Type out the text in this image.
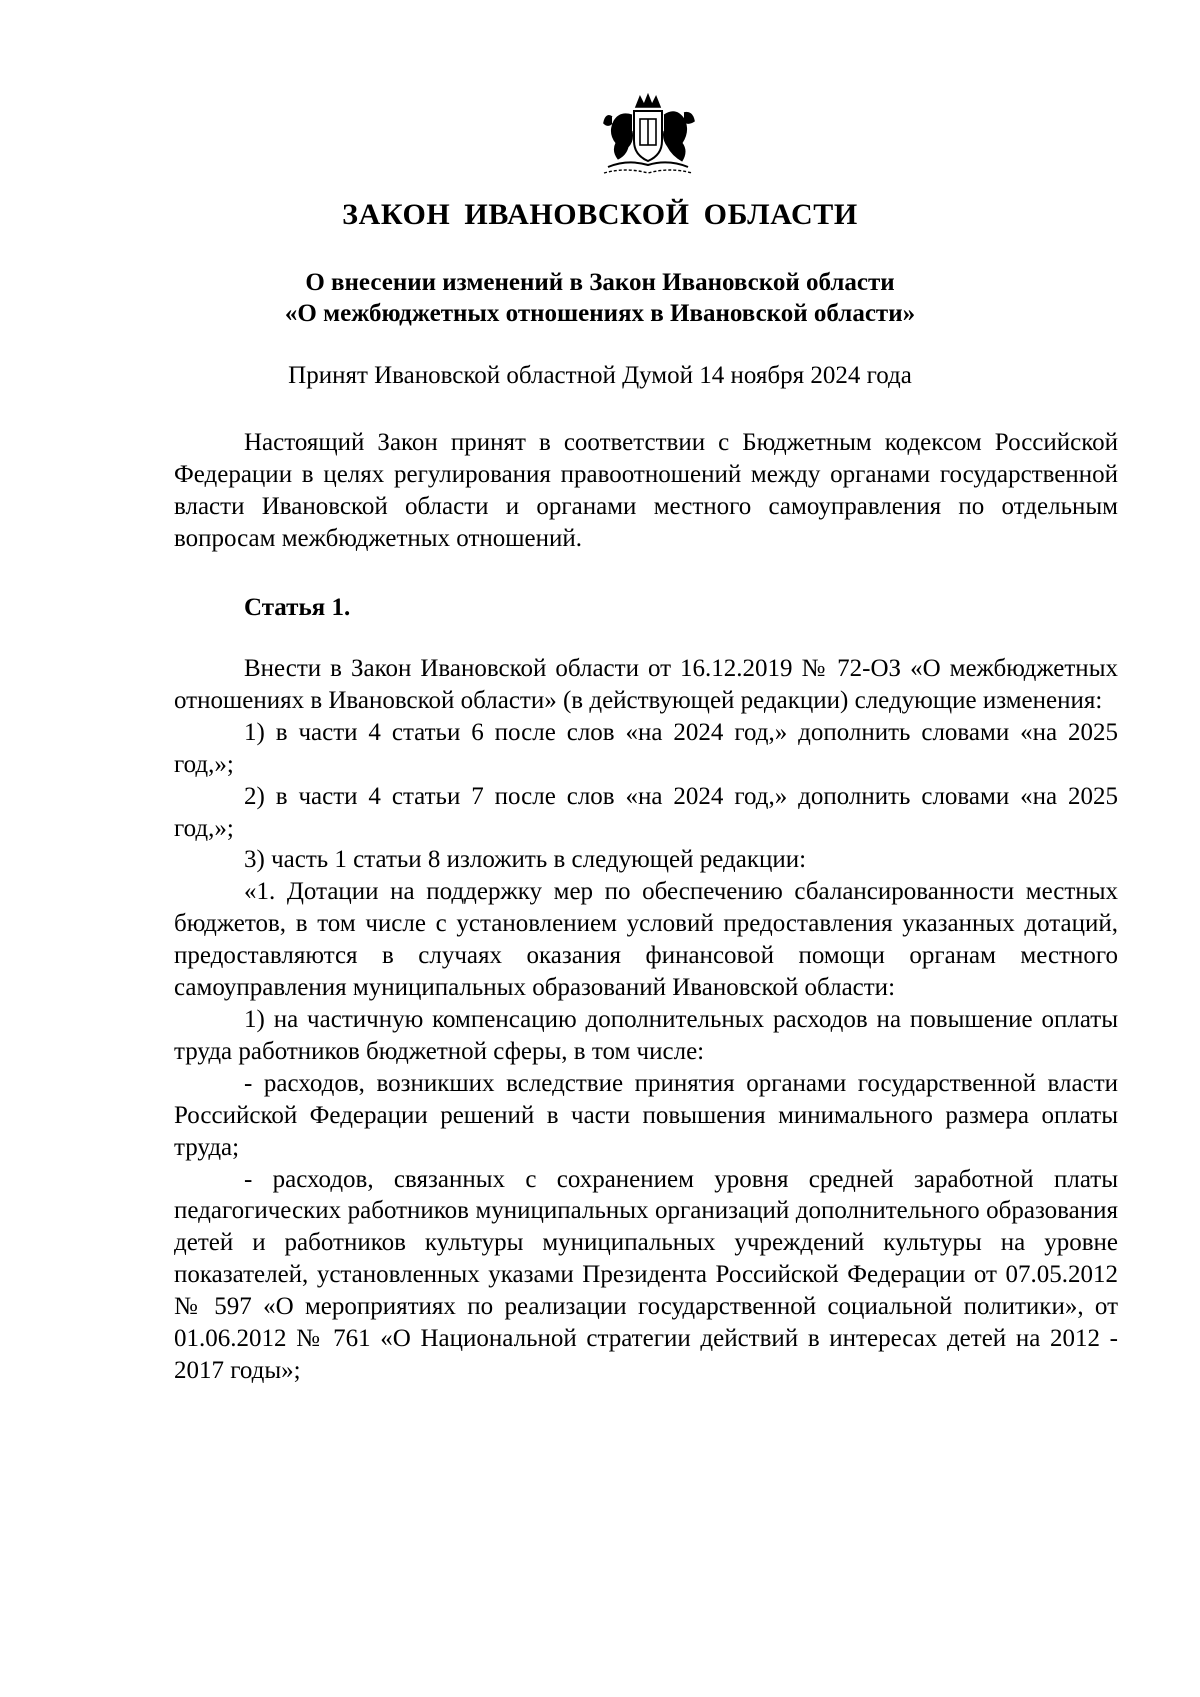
ЗАКОН ИВАНОВСКОЙ ОБЛАСТИ
О внесении изменений в Закон Ивановской области
«О межбюджетных отношениях в Ивановской области»
Принят Ивановской областной Думой 14 ноября 2024 года

Настоящий Закон принят в соответствии с Бюджетным кодексом Российской Федерации в целях регулирования правоотношений между органами государственной власти Ивановской области и органами местного самоуправления по отдельным вопросам межбюджетных отношений.

Статья 1.

Внести в Закон Ивановской области от 16.12.2019 № 72-ОЗ «О межбюджетных отношениях в Ивановской области» (в действующей редакции) следующие изменения:

1) в части 4 статьи 6 после слов «на 2024 год,» дополнить словами «на 2025 год,»;

2) в части 4 статьи 7 после слов «на 2024 год,» дополнить словами «на 2025 год,»;

3) часть 1 статьи 8 изложить в следующей редакции:

«1. Дотации на поддержку мер по обеспечению сбалансированности местных бюджетов, в том числе с установлением условий предоставления указанных дотаций, предоставляются в случаях оказания финансовой помощи органам местного самоуправления муниципальных образований Ивановской области:

1) на частичную компенсацию дополнительных расходов на повышение оплаты труда работников бюджетной сферы, в том числе:

- расходов, возникших вследствие принятия органами государственной власти Российской Федерации решений в части повышения минимального размера оплаты труда;

- расходов, связанных с сохранением уровня средней заработной платы педагогических работников муниципальных организаций дополнительного образования детей и работников культуры муниципальных учреждений культуры на уровне показателей, установленных указами Президента Российской Федерации от 07.05.2012 № 597 «О мероприятиях по реализации государственной социальной политики», от 01.06.2012 № 761 «О Национальной стратегии действий в интересах детей на 2012 - 2017 годы»;
